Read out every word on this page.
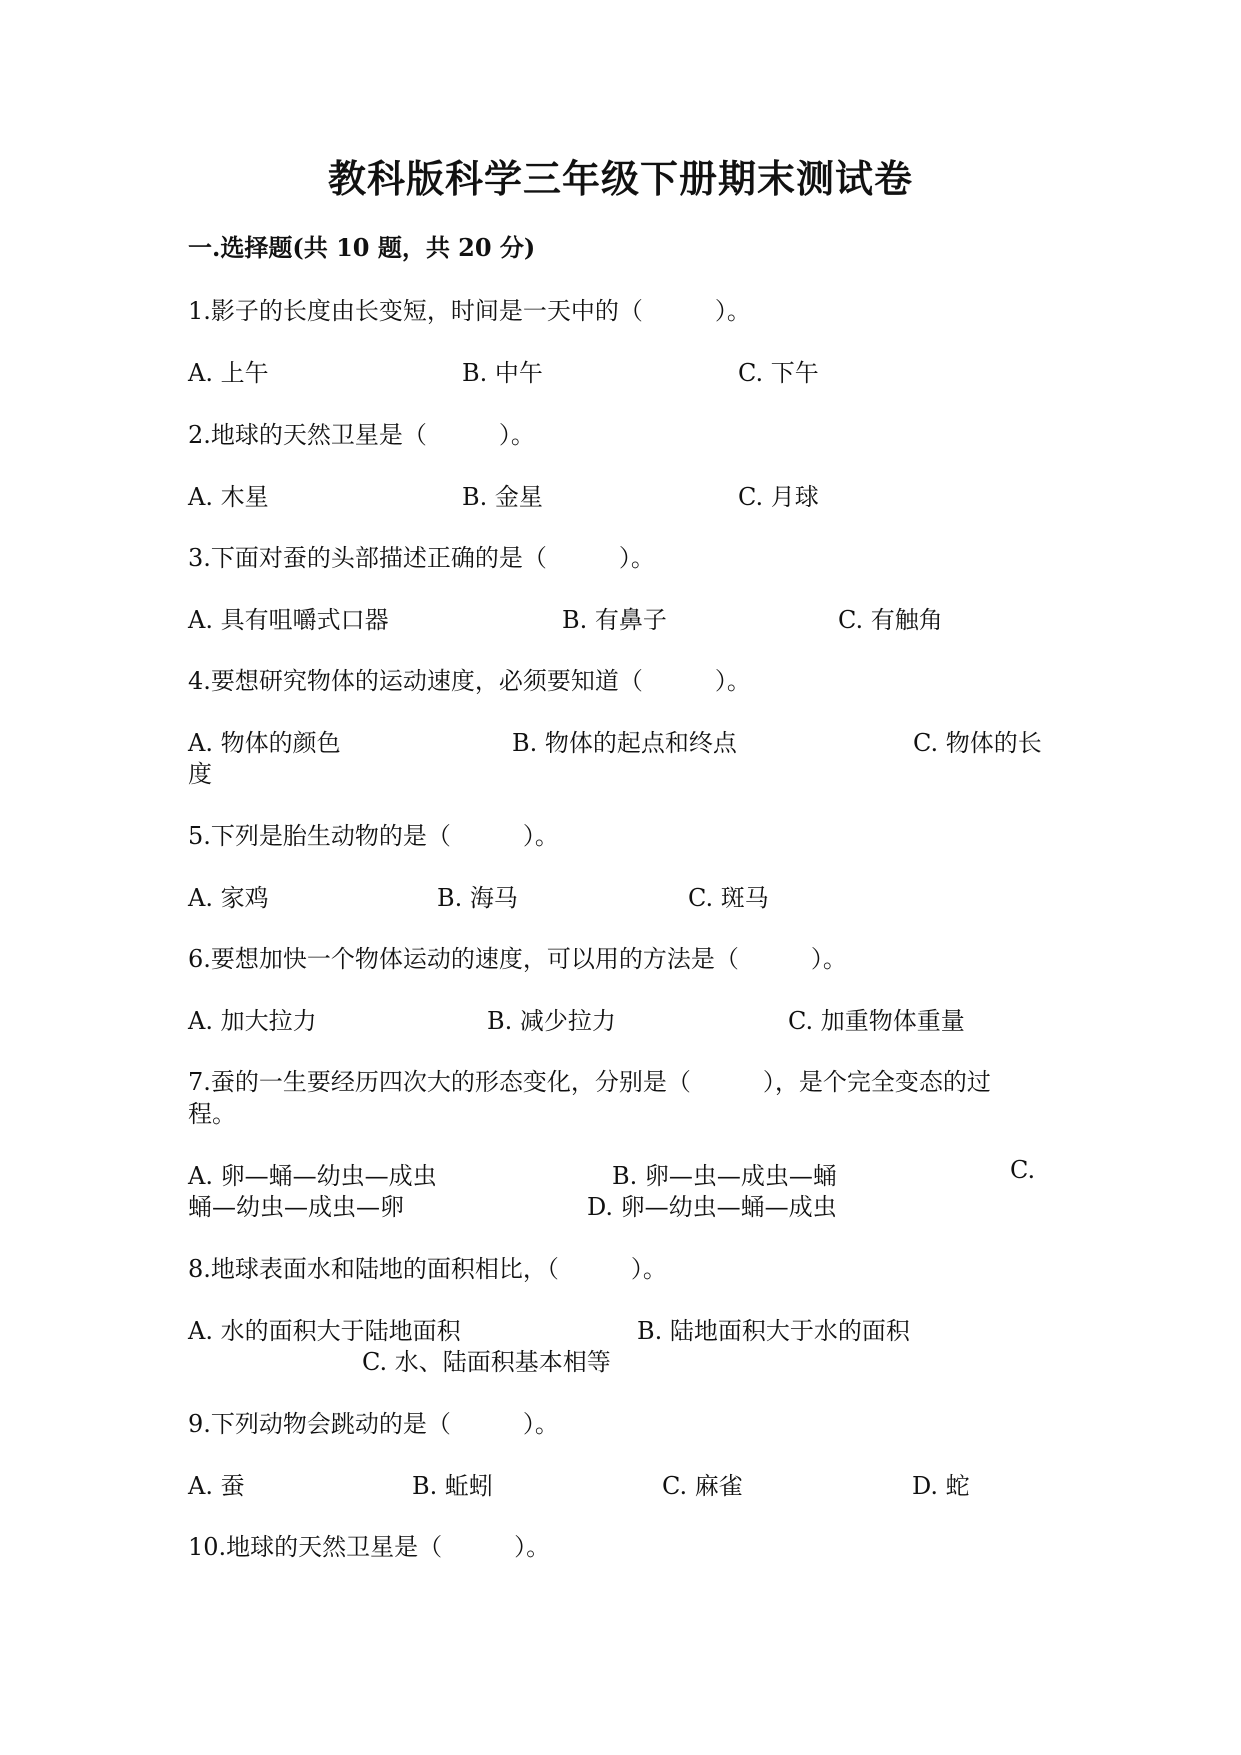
教科版科学三年级下册期末测试卷
一.选择题(共 10 题，共 20 分)
1.影子的长度由长变短，时间是一天中的（　　　）。
A. 上午	B. 中午	C. 下午
2.地球的天然卫星是（　　　）。
A. 木星	B. 金星	C. 月球
3.下面对蚕的头部描述正确的是（　　　）。
A. 具有咀嚼式口器	B. 有鼻子	C. 有触角
4.要想研究物体的运动速度，必须要知道（　　　）。
A. 物体的颜色	B. 物体的起点和终点	C. 物体的长
度
5.下列是胎生动物的是（　　　）。
A. 家鸡	B. 海马	C. 斑马
6.要想加快一个物体运动的速度，可以用的方法是（　　　）。
A. 加大拉力	B. 减少拉力	C. 加重物体重量
7.蚕的一生要经历四次大的形态变化，分别是（　　　），是个完全变态的过
程。
A. 卵—蛹—幼虫—成虫	B. 卵—虫—成虫—蛹	C.
蛹—幼虫—成虫—卵	D. 卵—幼虫—蛹—成虫
8.地球表面水和陆地的面积相比，（　　　）。
A. 水的面积大于陆地面积	B. 陆地面积大于水的面积
C. 水、陆面积基本相等
9.下列动物会跳动的是（　　　）。
A. 蚕	B. 蚯蚓	C. 麻雀	D. 蛇
10.地球的天然卫星是（　　　）。
